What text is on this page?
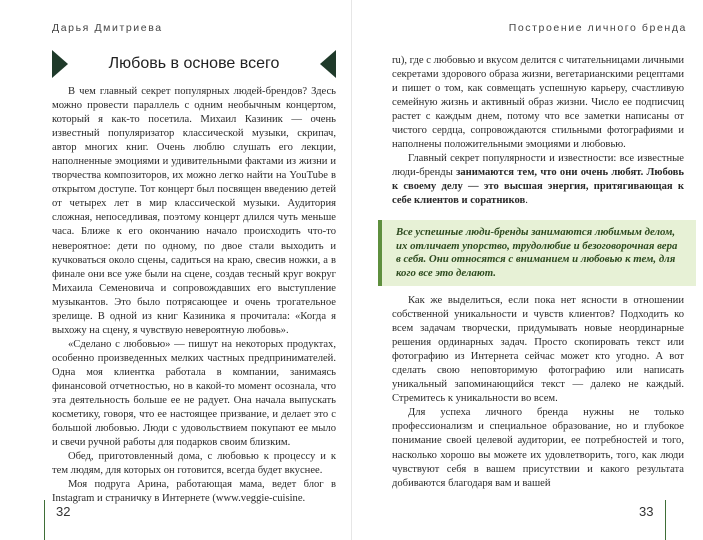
Дарья Дмитриева
Любовь в основе всего

В чем главный секрет популярных людей-брендов? Здесь можно провести параллель с одним необычным концертом, который я как-то посетила. Михаил Казиник — очень известный популяризатор классической музыки, скрипач, автор многих книг. Очень люблю слушать его лекции, наполненные эмоциями и удивительными фактами из жизни и творчества композиторов, их можно легко найти на YouTube в открытом доступе. Тот концерт был посвящен введению детей от четырех лет в мир классической музыки. Аудитория сложная, непоседливая, поэтому концерт длился чуть меньше часа. Ближе к его окончанию начало происходить что-то невероятное: дети по одному, по двое стали выходить и кучковаться около сцены, садиться на краю, свесив ножки, а в финале они все уже были на сцене, создав тесный круг вокруг Михаила Семеновича и сопровождавших его выступление музыкантов. Это было потрясающее и очень трогательное зрелище. В одной из книг Казиника я прочитала: «Когда я выхожу на сцену, я чувствую невероятную любовь».

«Сделано с любовью» — пишут на некоторых продуктах, особенно произведенных мелких частных предпринимателей. Одна моя клиентка работала в компании, занимаясь финансовой отчетностью, но в какой-то момент осознала, что эта деятельность больше ее не радует. Она начала выпускать косметику, говоря, что ее настоящее призвание, и делает это с большой любовью. Люди с удовольствием покупают ее мыло и свечи ручной работы для подарков своим близким.

Обед, приготовленный дома, с любовью к процессу и к тем людям, для которых он готовится, всегда будет вкуснее.

Моя подруга Арина, работающая мама, ведет блог в Instagram и страничку в Интернете (www.veggie-cuisine.

32
Построение личного бренда

ru), где с любовью и вкусом делится с читательницами личными секретами здорового образа жизни, вегетарианскими рецептами и пишет о том, как совмещать успешную карьеру, счастливую семейную жизнь и активный образ жизни. Число ее подписчиц растет с каждым днем, потому что все заметки написаны от чистого сердца, сопровождаются стильными фотографиями и наполнены положительными эмоциями и любовью.

Главный секрет популярности и известности: все известные люди-бренды занимаются тем, что они очень любят. Любовь к своему делу — это высшая энергия, притягивающая к себе клиентов и соратников.

Все успешные люди-бренды занимаются любимым делом, их отличает упорство, трудолюбие и безоговорочная вера в себя. Они относятся с вниманием и любовью к тем, для кого все это делают.

Как же выделиться, если пока нет ясности в отношении собственной уникальности и чувств клиентов? Подходить ко всем задачам творчески, придумывать новые неординарные решения ординарных задач. Просто скопировать текст или фотографию из Интернета сейчас может кто угодно. А вот сделать свою неповторимую фотографию или написать уникальный запоминающийся текст — далеко не каждый. Стремитесь к уникальности во всем.

Для успеха личного бренда нужны не только профессионализм и специальное образование, но и глубокое понимание своей целевой аудитории, ее потребностей и того, насколько хорошо вы можете их удовлетворить, того, как люди чувствуют себя в вашем присутствии и какого результата добиваются благодаря вам и вашей

33
